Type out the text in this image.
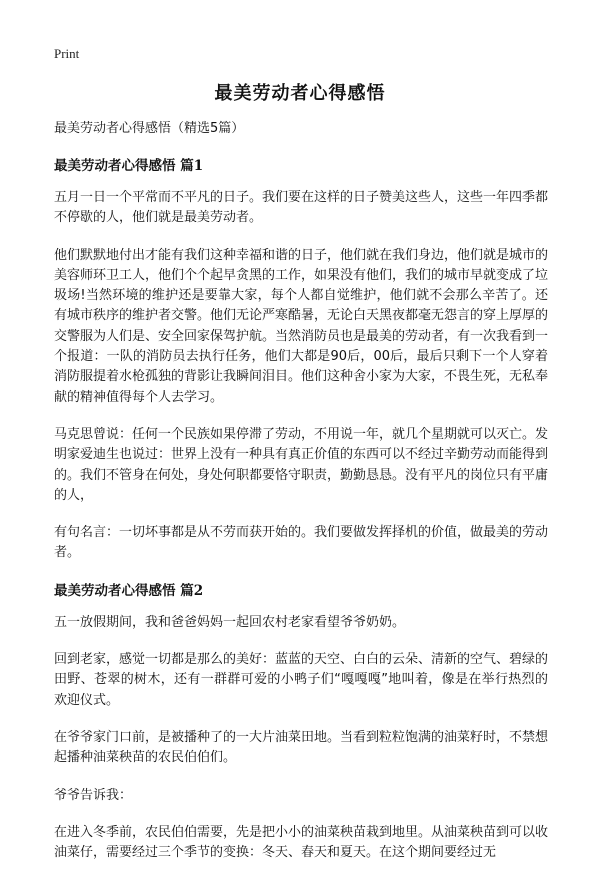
Print
最美劳动者心得感悟

最美劳动者心得感悟（精选5篇）

最美劳动者心得感悟 篇1

五月一日一个平常而不平凡的日子。我们要在这样的日子赞美这些人，这些一年四季都不停歇的人，他们就是最美劳动者。

他们默默地付出才能有我们这种幸福和谐的日子，他们就在我们身边，他们就是城市的美容师环卫工人，他们个个起早贪黑的工作，如果没有他们，我们的城市早就变成了垃圾场!当然环境的维护还是要靠大家，每个人都自觉维护，他们就不会那么辛苦了。还有城市秩序的维护者交警。他们无论严寒酷暑，无论白天黑夜都毫无怨言的穿上厚厚的交警服为人们是、安全回家保驾护航。当然消防员也是最美的劳动者，有一次我看到一个报道：一队的消防员去执行任务，他们大都是90后，00后，最后只剩下一个人穿着消防服提着水枪孤独的背影让我瞬间泪目。他们这种舍小家为大家，不畏生死，无私奉献的精神值得每个人去学习。

马克思曾说：任何一个民族如果停滞了劳动，不用说一年，就几个星期就可以灭亡。发明家爱迪生也说过：世界上没有一种具有真正价值的东西可以不经过辛勤劳动而能得到的。我们不管身在何处，身处何职都要恪守职责，勤勤恳恳。没有平凡的岗位只有平庸的人，

有句名言：一切坏事都是从不劳而获开始的。我们要做发挥择机的价值，做最美的劳动者。

最美劳动者心得感悟 篇2

五一放假期间，我和爸爸妈妈一起回农村老家看望爷爷奶奶。

回到老家，感觉一切都是那么的美好：蓝蓝的天空、白白的云朵、清新的空气、碧绿的田野、苍翠的树木，还有一群群可爱的小鸭子们“嘎嘎嘎”地叫着，像是在举行热烈的欢迎仪式。

在爷爷家门口前，是被播种了的一大片油菜田地。当看到粒粒饱满的油菜籽时，不禁想起播种油菜秧苗的农民伯伯们。

爷爷告诉我：

在进入冬季前，农民伯伯需要，先是把小小的油菜秧苗栽到地里。从油菜秧苗到可以收油菜仔，需要经过三个季节的变换：冬天、春天和夏天。在这个期间要经过无
